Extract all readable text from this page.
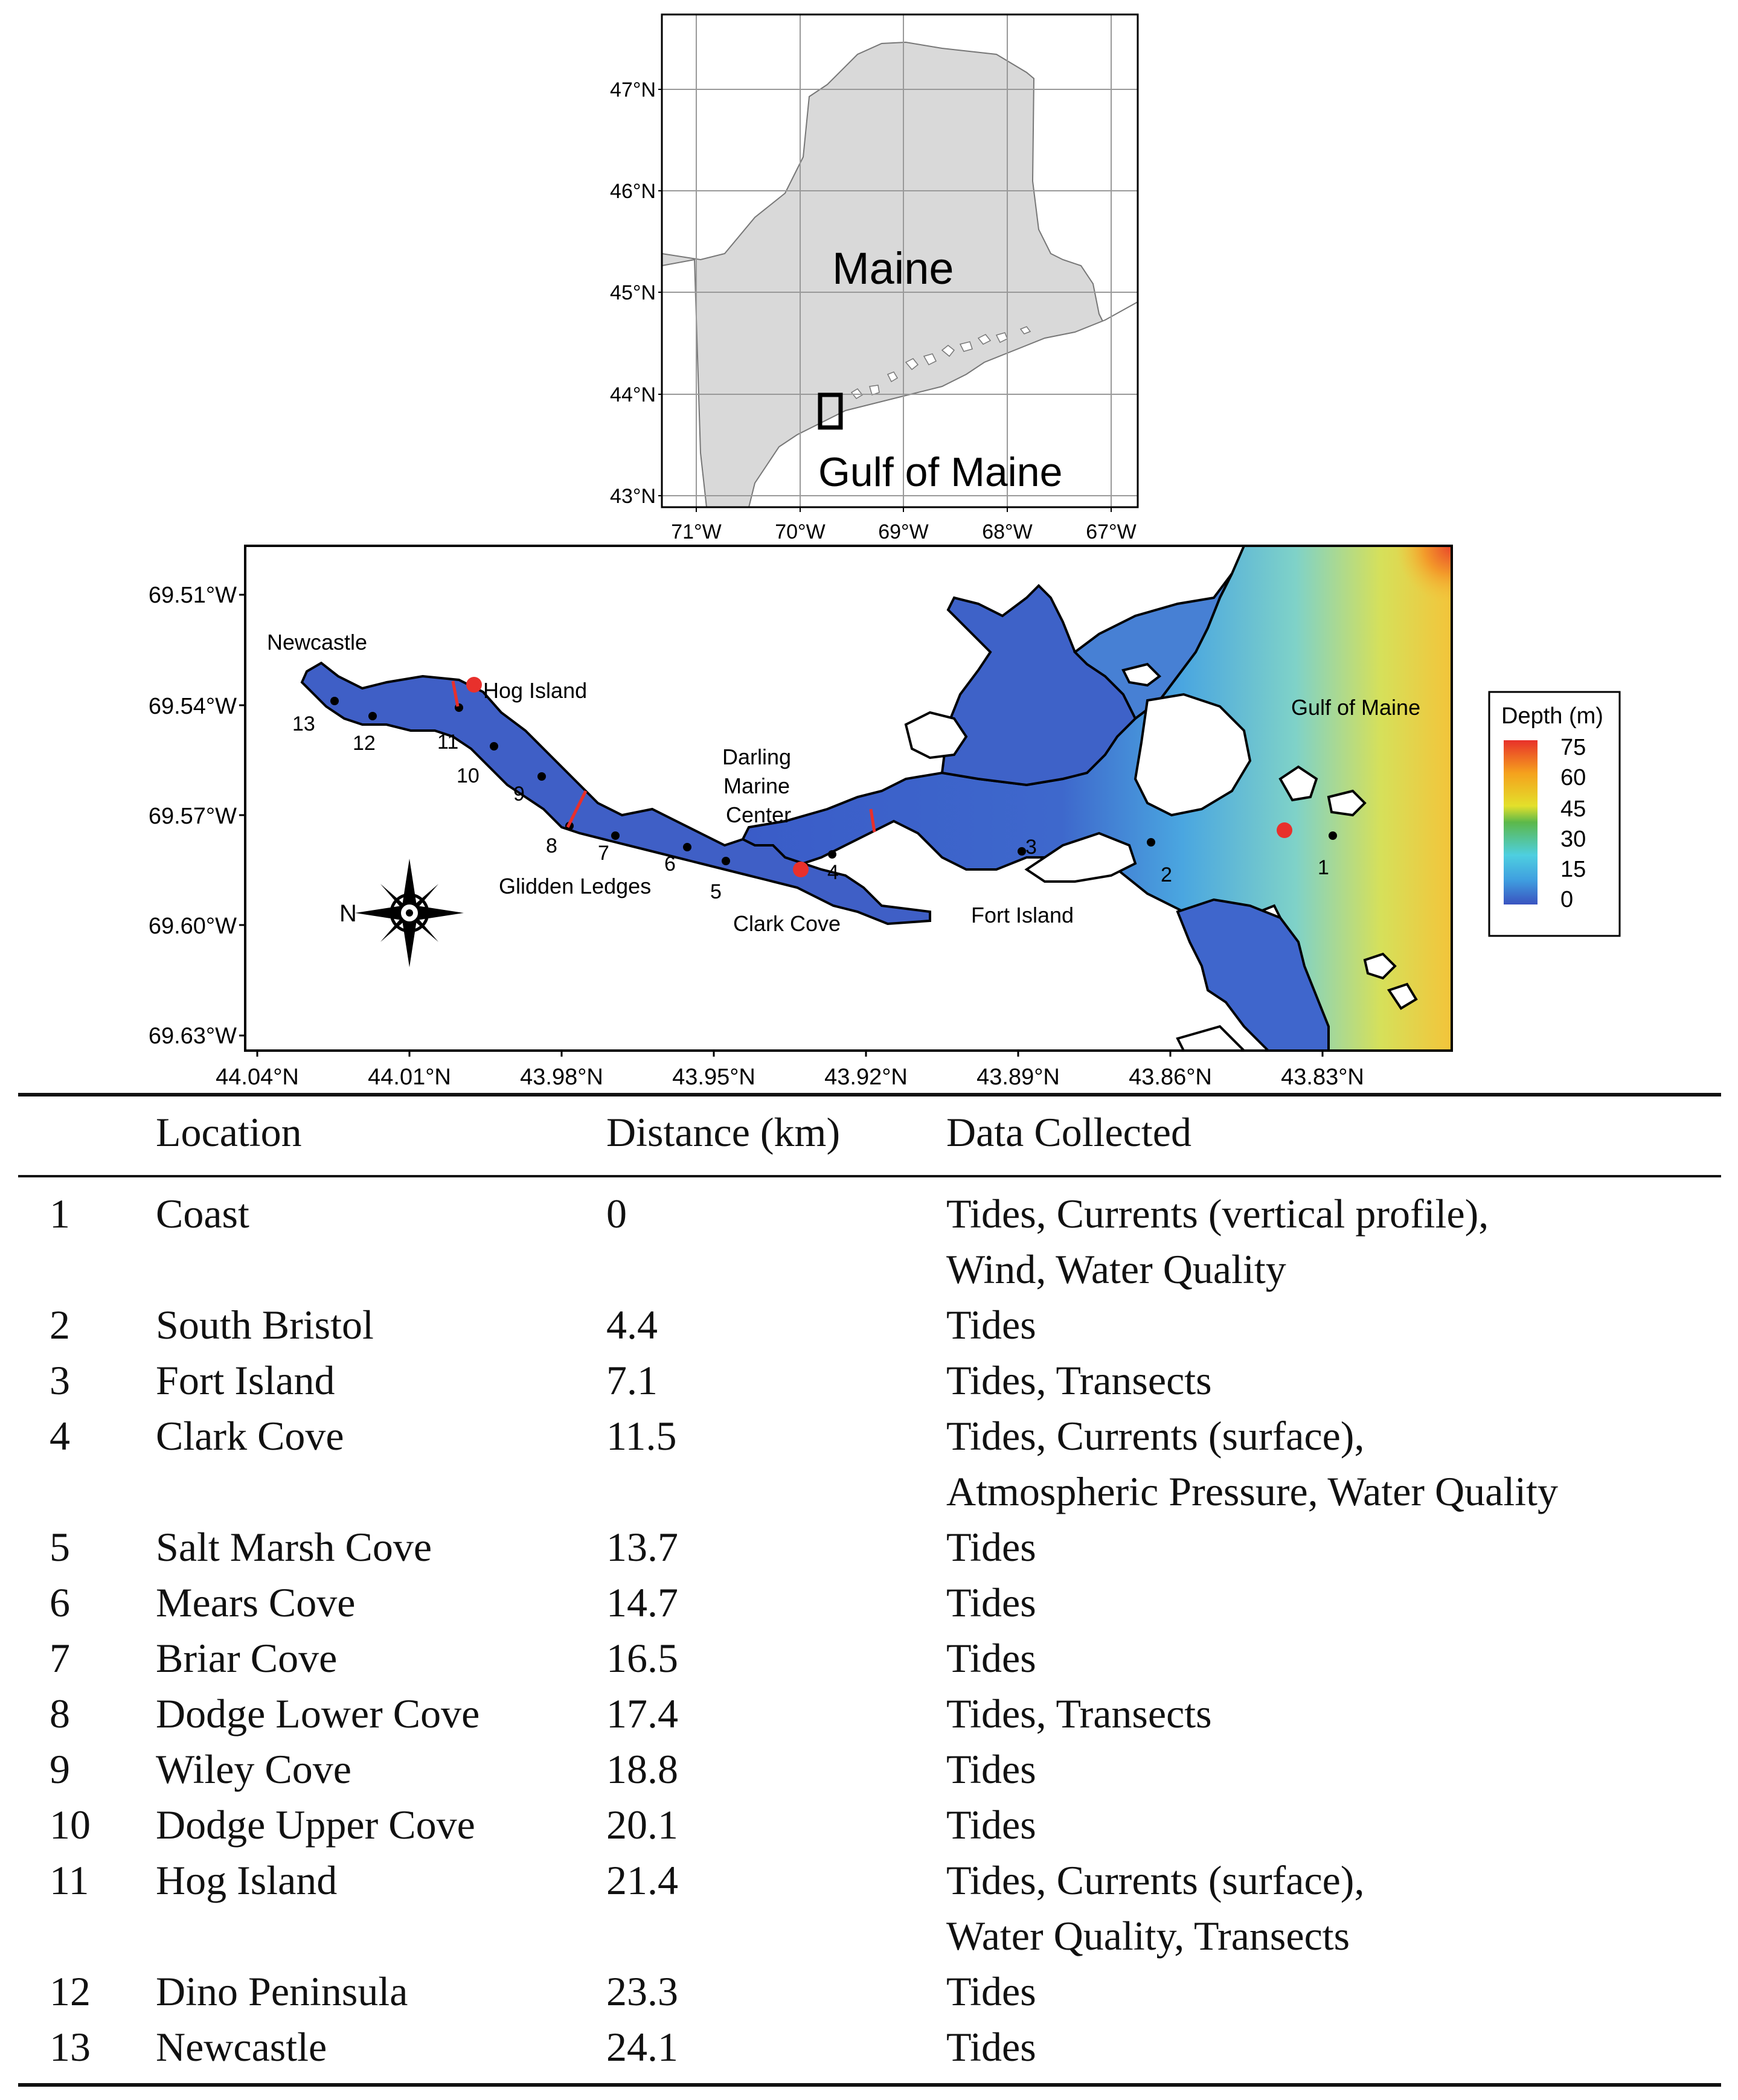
Maine
Gulf of Maine
47°N
46°N
45°N
44°N
43°N
71°W	70°W	69°W	68°W	67°W
Newcastle
Hog Island
Glidden Ledges
Darling
Marine
Center
Clark Cove	Fort Island
Gulf of Maine
1
2
3
4
5
6
7
8
9
10
11
12
13
N
69.51°W
69.54°W
69.57°W
69.60°W
69.63°W
44.04°N	44.01°N	43.98°N	43.95°N	43.92°N	43.89°N	43.86°N	43.83°N
Depth (m)
75
60
45
30
15
0
Location	Distance (km)	Data Collected
1 Coast	0	Tides, Currents (vertical profile),
Wind, Water Quality
2 South Bristol	4.4	Tides
3 Fort Island	7.1	Tides, Transects
4 Clark Cove	11.5	Tides, Currents (surface),
Atmospheric Pressure, Water Quality
5 Salt Marsh Cove	13.7	Tides
6 Mears Cove	14.7	Tides
7 Briar Cove	16.5	Tides
8 Dodge Lower Cove	17.4	Tides, Transects
9 Wiley Cove	18.8	Tides
10 Dodge Upper Cove	20.1	Tides
11 Hog Island	21.4	Tides, Currents (surface),
Water Quality, Transects
12 Dino Peninsula	23.3	Tides
13 Newcastle	24.1	Tides
